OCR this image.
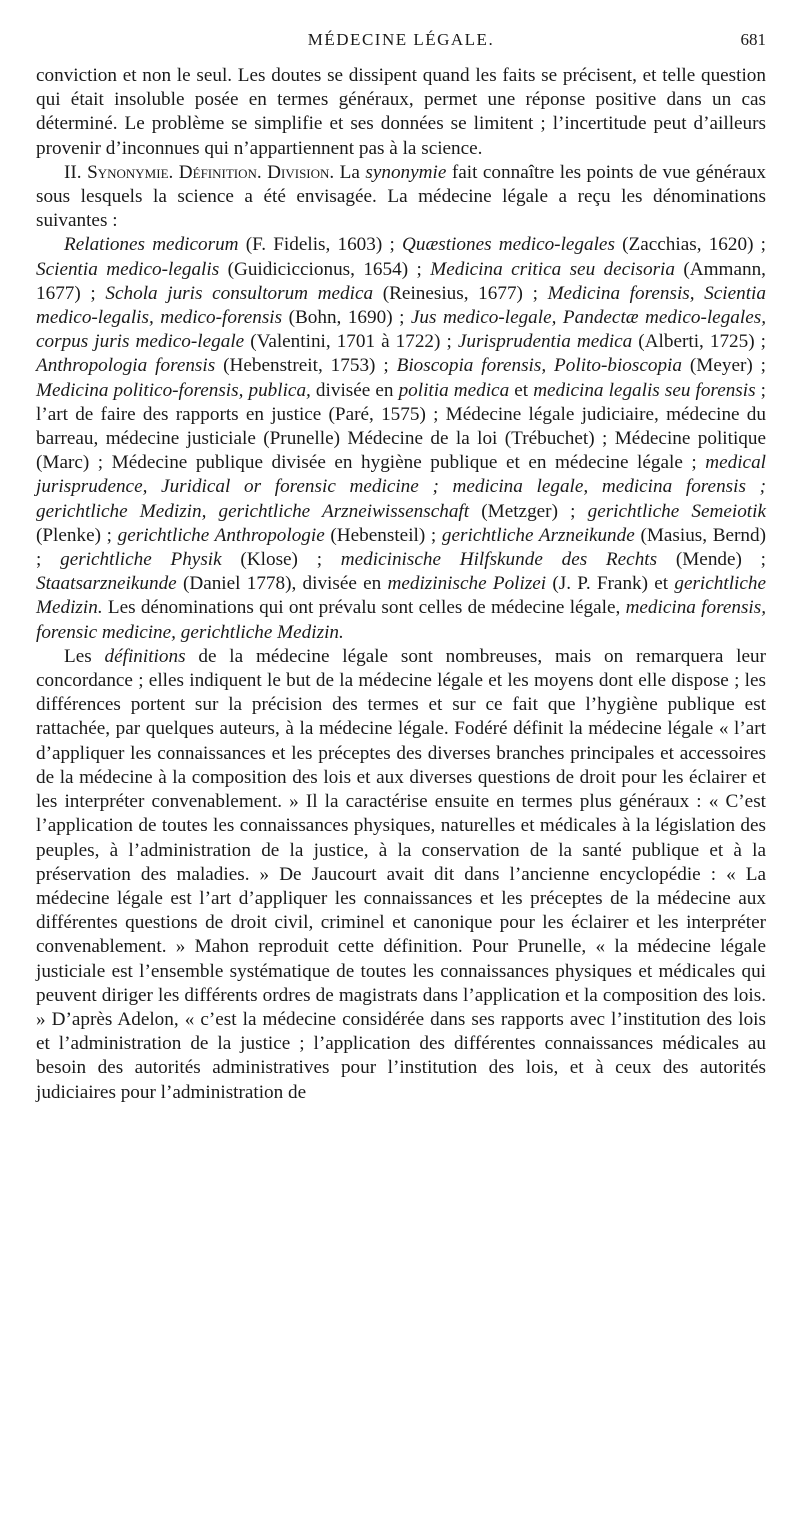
MÉDECINE LÉGALE.	681

conviction et non le seul. Les doutes se dissipent quand les faits se précisent, et telle question qui était insoluble posée en termes généraux, permet une réponse positive dans un cas déterminé. Le problème se simplifie et ses données se limitent ; l’incertitude peut d’ailleurs provenir d’inconnues qui n’appartiennent pas à la science.

II. Synonymie. Définition. Division. La synonymie fait connaître les points de vue généraux sous lesquels la science a été envisagée. La médecine légale a reçu les dénominations suivantes :

Relationes medicorum (F. Fidelis, 1603) ; Quæstiones medico-legales (Zacchias, 1620) ; Scientia medico-legalis (Guidiciccionus, 1654) ; Medicina critica seu decisoria (Ammann, 1677) ; Schola juris consultorum medica (Reinesius, 1677) ; Medicina forensis, Scientia medico-legalis, medico-forensis (Bohn, 1690) ; Jus medico-legale, Pandectæ medico-legales, corpus juris medico-legale (Valentini, 1701 à 1722) ; Jurisprudentia medica (Alberti, 1725) ; Anthropologia forensis (Hebenstreit, 1753) ; Bioscopia forensis, Polito-bioscopia (Meyer) ; Medicina politico-forensis, publica, divisée en politia medica et medicina legalis seu forensis ; l’art de faire des rapports en justice (Paré, 1575) ; Médecine légale judiciaire, médecine du barreau, médecine justiciale (Prunelle) Médecine de la loi (Trébuchet) ; Médecine politique (Marc) ; Médecine publique divisée en hygiène publique et en médecine légale ; medical jurisprudence, Juridical or forensic medicine ; medicina legale, medicina forensis ; gerichtliche Medizin, gerichtliche Arzneiwissenschaft (Metzger) ; gerichtliche Semeiotik (Plenke) ; gerichtliche Anthropologie (Hebensteil) ; gerichtliche Arzneikunde (Masius, Bernd) ; gerichtliche Physik (Klose) ; medicinische Hilfskunde des Rechts (Mende) ; Staatsarzneikunde (Daniel 1778), divisée en medizinische Polizei (J. P. Frank) et gerichtliche Medizin. Les dénominations qui ont prévalu sont celles de médecine légale, medicina forensis, forensic medicine, gerichtliche Medizin.

Les définitions de la médecine légale sont nombreuses, mais on remarquera leur concordance ; elles indiquent le but de la médecine légale et les moyens dont elle dispose ; les différences portent sur la précision des termes et sur ce fait que l’hygiène publique est rattachée, par quelques auteurs, à la médecine légale. Fodéré définit la médecine légale « l’art d’appliquer les connaissances et les préceptes des diverses branches principales et accessoires de la médecine à la composition des lois et aux diverses questions de droit pour les éclairer et les interpréter convenablement. » Il la caractérise ensuite en termes plus généraux : « C’est l’application de toutes les connaissances physiques, naturelles et médicales à la législation des peuples, à l’administration de la justice, à la conservation de la santé publique et à la préservation des maladies. » De Jaucourt avait dit dans l’ancienne encyclopédie : « La médecine légale est l’art d’appliquer les connaissances et les préceptes de la médecine aux différentes questions de droit civil, criminel et canonique pour les éclairer et les interpréter convenablement. » Mahon reproduit cette définition. Pour Prunelle, « la médecine légale justiciale est l’ensemble systématique de toutes les connaissances physiques et médicales qui peuvent diriger les différents ordres de magistrats dans l’application et la composition des lois. » D’après Adelon, « c’est la médecine considérée dans ses rapports avec l’institution des lois et l’administration de la justice ; l’application des différentes connaissances médicales au besoin des autorités administratives pour l’institution des lois, et à ceux des autorités judiciaires pour l’administration de
